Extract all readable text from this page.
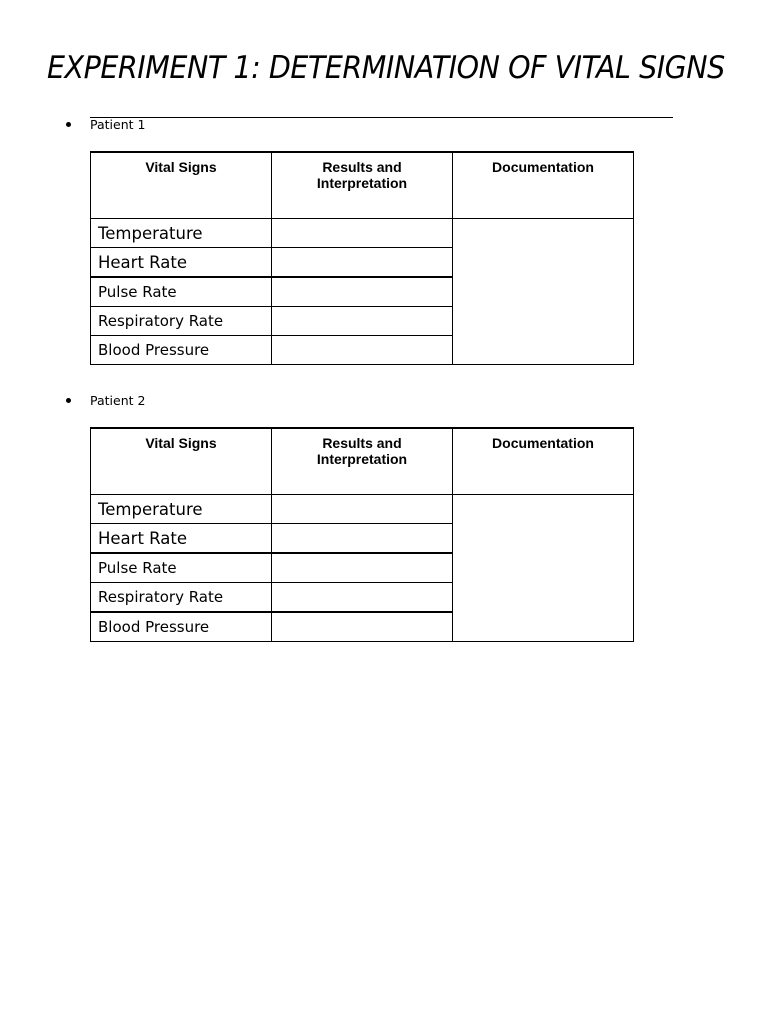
EXPERIMENT 1: DETERMINATION OF VITAL SIGNS
Patient 1
Vital Signs	Results and Interpretation	Documentation
Temperature		
Heart Rate		
Pulse Rate		
Respiratory Rate		
Blood Pressure		
Patient 2
Vital Signs	Results and Interpretation	Documentation
Temperature		
Heart Rate		
Pulse Rate		
Respiratory Rate		
Blood Pressure		
